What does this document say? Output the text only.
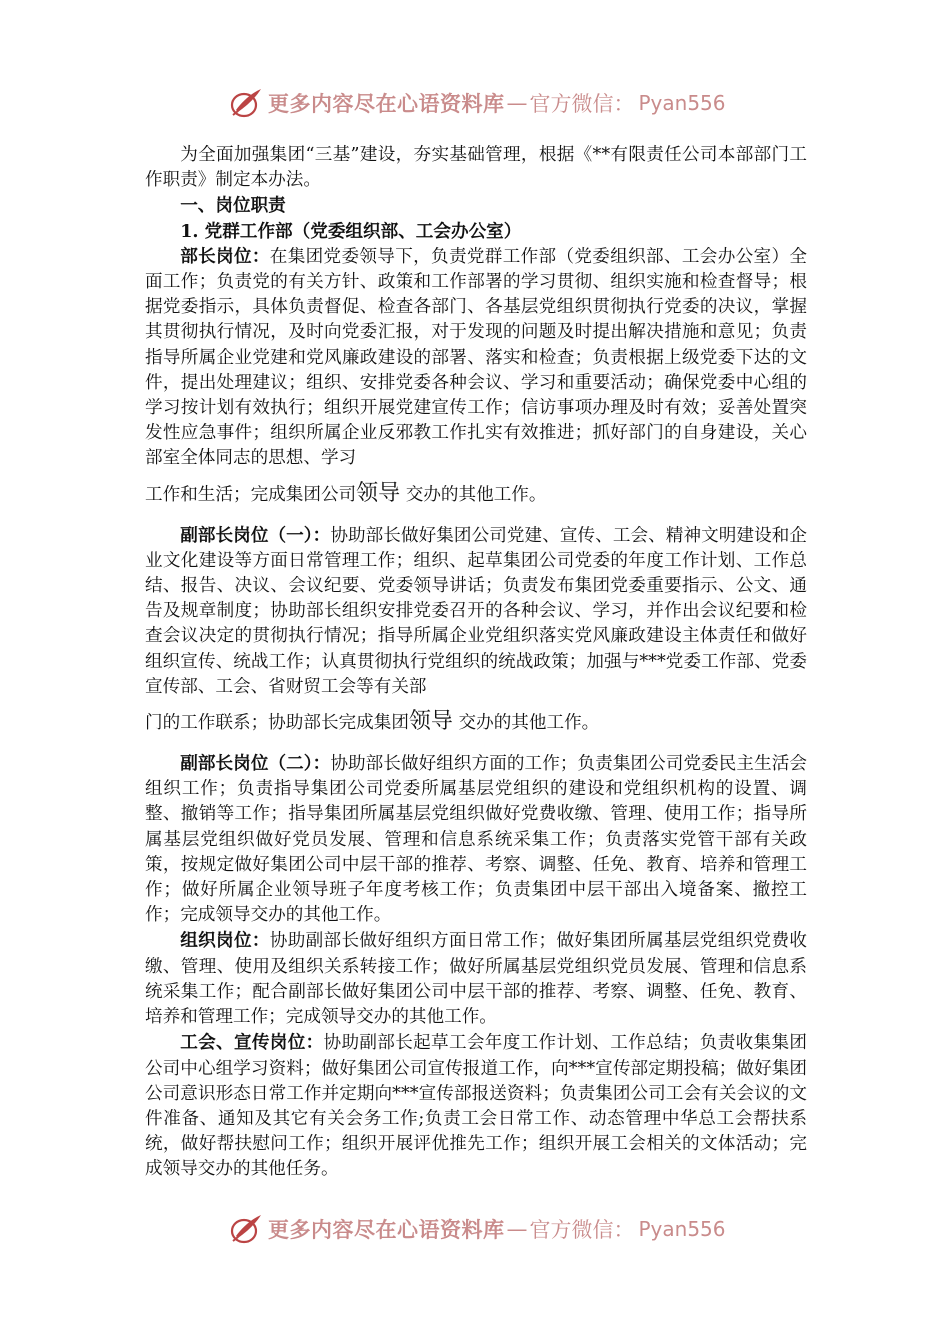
更多内容尽在心语资料库 — 官方微信： Pyan556

为全面加强集团“三基”建设，夯实基础管理，根据《**有限责任公司本部部门工作职责》制定本办法。

一、岗位职责

1. 党群工作部（党委组织部、工会办公室）

部长岗位：在集团党委领导下，负责党群工作部（党委组织部、工会办公室）全面工作；负责党的有关方针、政策和工作部署的学习贯彻、组织实施和检查督导；根据党委指示，具体负责督促、检查各部门、各基层党组织贯彻执行党委的决议，掌握其贯彻执行情况，及时向党委汇报，对于发现的问题及时提出解决措施和意见；负责指导所属企业党建和党风廉政建设的部署、落实和检查；负责根据上级党委下达的文件，提出处理建议；组织、安排党委各种会议、学习和重要活动；确保党委中心组的学习按计划有效执行；组织开展党建宣传工作；信访事项办理及时有效；妥善处置突发性应急事件；组织所属企业反邪教工作扎实有效推进；抓好部门的自身建设，关心部室全体同志的思想、学习
工作和生活；完成集团公司领导 交办的其他工作。

副部长岗位（一）：协助部长做好集团公司党建、宣传、工会、精神文明建设和企业文化建设等方面日常管理工作；组织、起草集团公司党委的年度工作计划、工作总结、报告、决议、会议纪要、党委领导讲话；负责发布集团党委重要指示、公文、通告及规章制度；协助部长组织安排党委召开的各种会议、学习，并作出会议纪要和检查会议决定的贯彻执行情况；指导所属企业党组织落实党风廉政建设主体责任和做好组织宣传、统战工作；认真贯彻执行党组织的统战政策；加强与***党委工作部、党委宣传部、工会、省财贸工会等有关部
门的工作联系；协助部长完成集团领导 交办的其他工作。

副部长岗位（二）：协助部长做好组织方面的工作；负责集团公司党委民主生活会组织工作；负责指导集团公司党委所属基层党组织的建设和党组织机构的设置、调整、撤销等工作；指导集团所属基层党组织做好党费收缴、管理、使用工作；指导所属基层党组织做好党员发展、管理和信息系统采集工作；负责落实党管干部有关政策，按规定做好集团公司中层干部的推荐、考察、调整、任免、教育、培养和管理工作；做好所属企业领导班子年度考核工作；负责集团中层干部出入境备案、撤控工作；完成领导交办的其他工作。

组织岗位：协助副部长做好组织方面日常工作；做好集团所属基层党组织党费收缴、管理、使用及组织关系转接工作；做好所属基层党组织党员发展、管理和信息系统采集工作；配合副部长做好集团公司中层干部的推荐、考察、调整、任免、教育、培养和管理工作；完成领导交办的其他工作。

工会、宣传岗位：协助副部长起草工会年度工作计划、工作总结；负责收集集团公司中心组学习资料；做好集团公司宣传报道工作，向***宣传部定期投稿；做好集团公司意识形态日常工作并定期向***宣传部报送资料；负责集团公司工会有关会议的文件准备、通知及其它有关会务工作;负责工会日常工作、动态管理中华总工会帮扶系统，做好帮扶慰问工作；组织开展评优推先工作；组织开展工会相关的文体活动；完成领导交办的其他任务。

更多内容尽在心语资料库 — 官方微信： Pyan556
